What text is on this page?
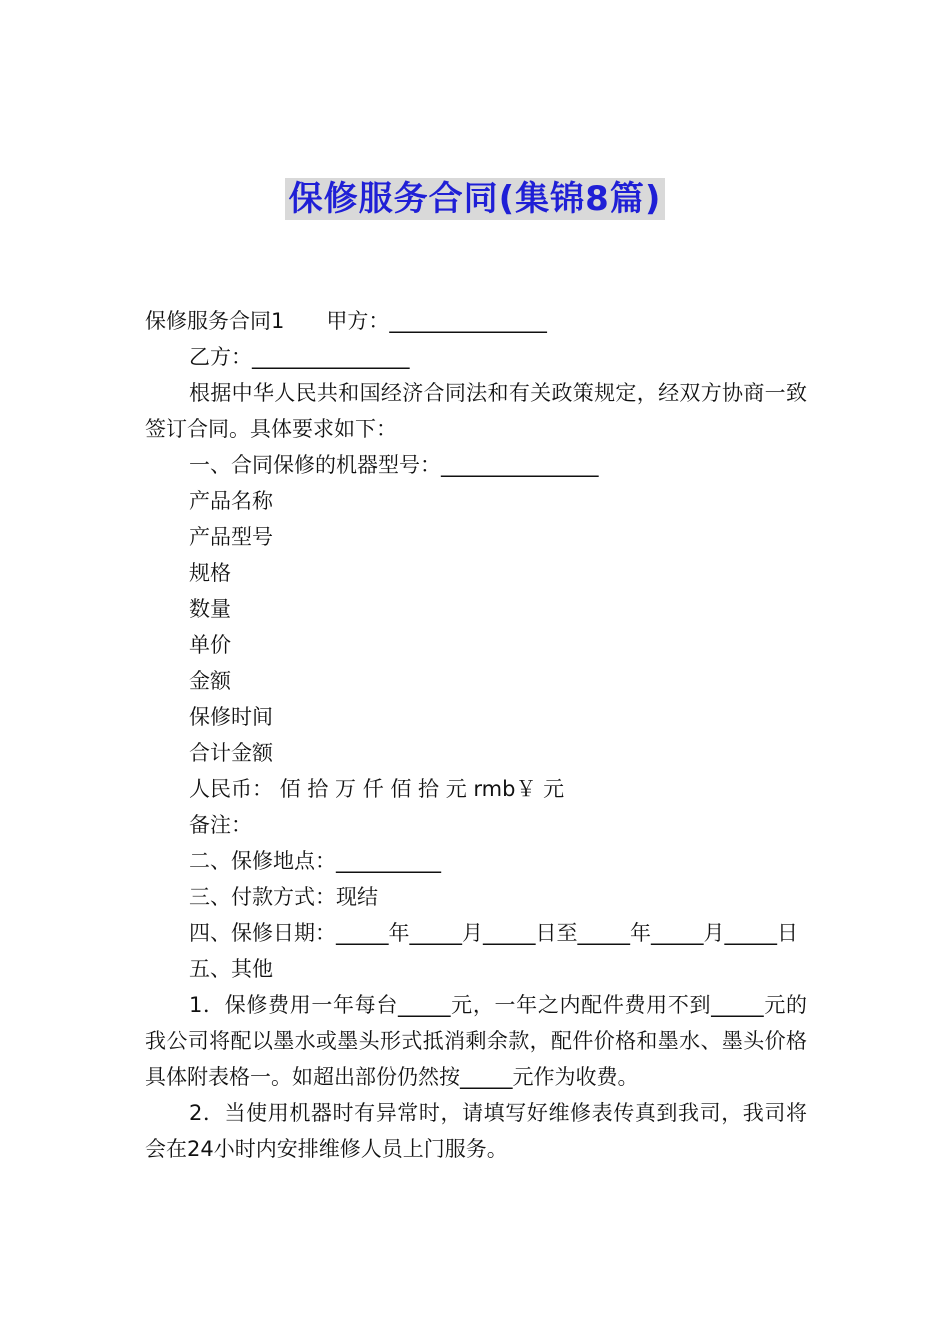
保修服务合同(集锦8篇)

保修服务合同1　　甲方：_______________

乙方：_______________

根据中华人民共和国经济合同法和有关政策规定，经双方协商一致签订合同。具体要求如下：

一、合同保修的机器型号：_______________

产品名称

产品型号

规格

数量

单价

金额

保修时间

合计金额

人民币： 佰 拾 万 仟 佰 拾 元 rmb￥ 元

备注：

二、保修地点：__________

三、付款方式：现结

四、保修日期：_____年_____月_____日至_____年_____月_____日

五、其他

1．保修费用一年每台_____元，一年之内配件费用不到_____元的我公司将配以墨水或墨头形式抵消剩余款，配件价格和墨水、墨头价格具体附表格一。如超出部份仍然按_____元作为收费。

2．当使用机器时有异常时，请填写好维修表传真到我司，我司将会在24小时内安排维修人员上门服务。
